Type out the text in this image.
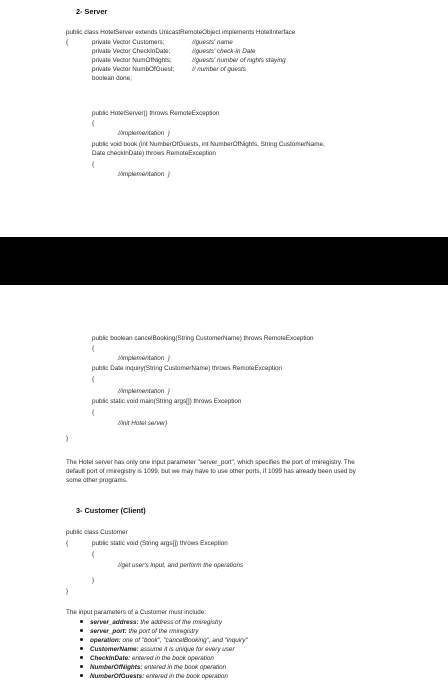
2- Server
public class HotelServer extends UnicastRemoteObject implements HotelInterface
{	private Vector Customers;	//guests' name
private Vector CheckInDate;	//guests' check-in Date
private Vector NumOfNights;	//guests' number of nights staying
private Vector NumbOfGuest;	// number of guests
boolean done;
public HotelServer() throws RemoteException
{
//implementation  }
public void book (int NumberOfGuests, int NumberOfNights, String CustomerName,
Date checkInDate) throws RemoteException
{
//implementation  }
public boolean cancelBooking(String CustomerName) throws RemoteException
{
//implementation  }
public Date inquiry(String CustomerName) throws RemoteException
{
//implementation  }
public static void main(String args[]) throws Exception
{
//init Hotel server}
}
The Hotel server has only one input parameter "server_port", which specifies the port of rmiregistry. The default port of rmiregistry is 1099, but we may have to use other ports, if 1099 has already been used by some other programs.
3- Customer (Client)
public class Customer
{	public static void (String args[]) throws Exception
{
//get user's input, and perform the operations
}
}
The input parameters of a Customer must include:
server_address: the address of the rmiregistry
server_port: the port of the rmiregistry
operation: one of "book", "cancelBooking", and "inquiry"
CustomerName: assume it is unique for every user
CheckInDate: entered in the book operation
NumberOfNights: entered in the book operation
NumberOfGuests: entered in the book operation
